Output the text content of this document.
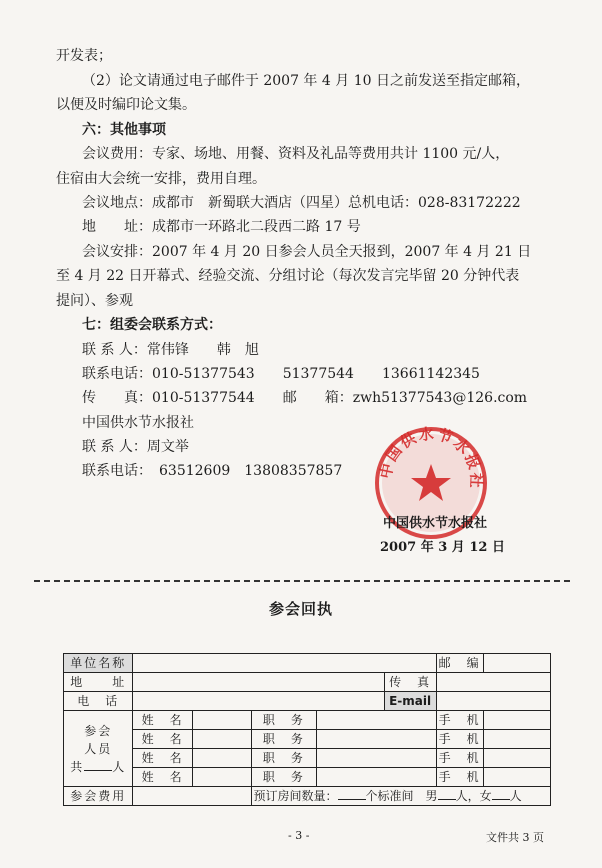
开发表；
（2）论文请通过电子邮件于 2007 年 4 月 10 日之前发送至指定邮箱，
以便及时编印论文集。
六：其他事项
会议费用：专家、场地、用餐、资料及礼品等费用共计 1100 元/人，
住宿由大会统一安排，费用自理。
会议地点：成都市　新蜀联大酒店（四星）总机电话：028-83172222
地　　址：成都市一环路北二段西二路 17 号
会议安排：2007 年 4 月 20 日参会人员全天报到，2007 年 4 月 21 日
至 4 月 22 日开幕式、经验交流、分组讨论（每次发言完毕留 20 分钟代表
提问）、参观
七：组委会联系方式：
联 系 人：常伟锋　　韩　旭
联系电话：010-51377543　　51377544　　13661142345
传　　真：010-51377544　　邮　　箱：zwh51377543@126.com
中国供水节水报社
联 系 人：周文举
联系电话：　63512609　13808357857 中国供水节水报社
中国供水节水报社
2007 年 3 月 12 日
参会回执
单位名称						邮　编	
地　　址					传　真		
电　话					E-mail		

参会
人员
共 人	姓　名		职　务			手　机	
	姓　名		职　务			手　机	
	姓　名		职　务			手　机	
	姓　名		职　务			手　机	
参会费用			预订房间数量： 个标准间　男 人，女 人				
- 3 -	文件共 3 页
